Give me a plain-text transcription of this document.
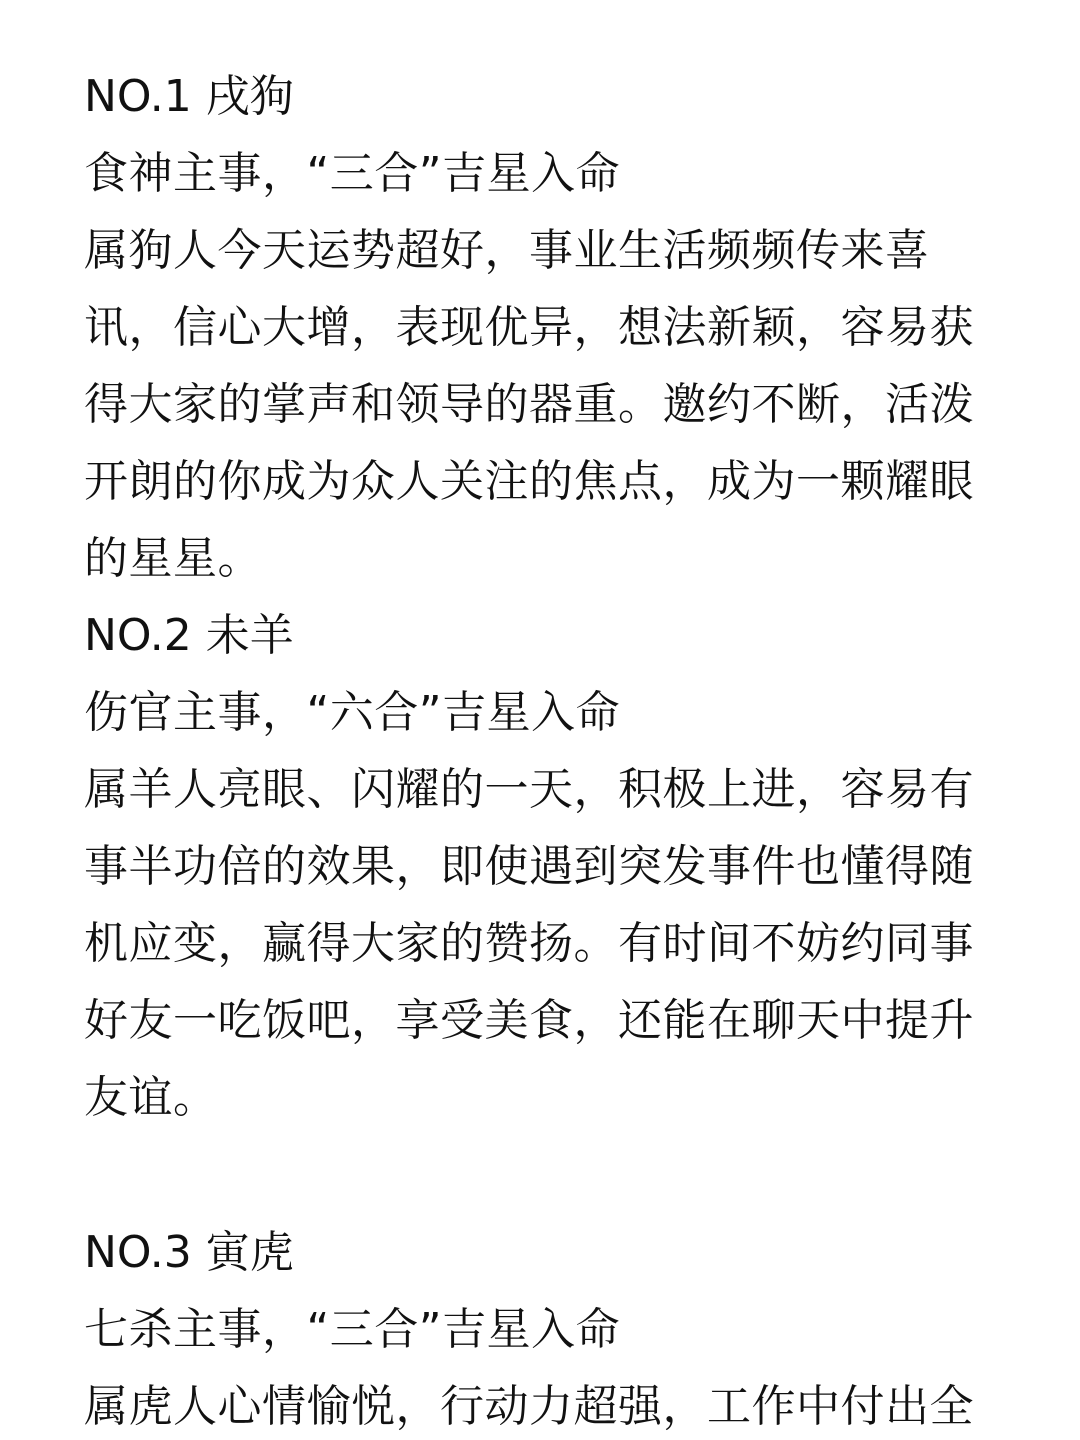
NO.1 戌狗
食神主事，“三合”吉星入命
属狗人今天运势超好，事业生活频频传来喜
讯，信心大增，表现优异，想法新颖，容易获
得大家的掌声和领导的器重。邀约不断，活泼
开朗的你成为众人关注的焦点，成为一颗耀眼
的星星。
NO.2 未羊
伤官主事，“六合”吉星入命
属羊人亮眼、闪耀的一天，积极上进，容易有
事半功倍的效果，即使遇到突发事件也懂得随
机应变，赢得大家的赞扬。有时间不妨约同事
好友一吃饭吧，享受美食，还能在聊天中提升
友谊。
NO.3 寅虎
七杀主事，“三合”吉星入命
属虎人心情愉悦，行动力超强，工作中付出全
